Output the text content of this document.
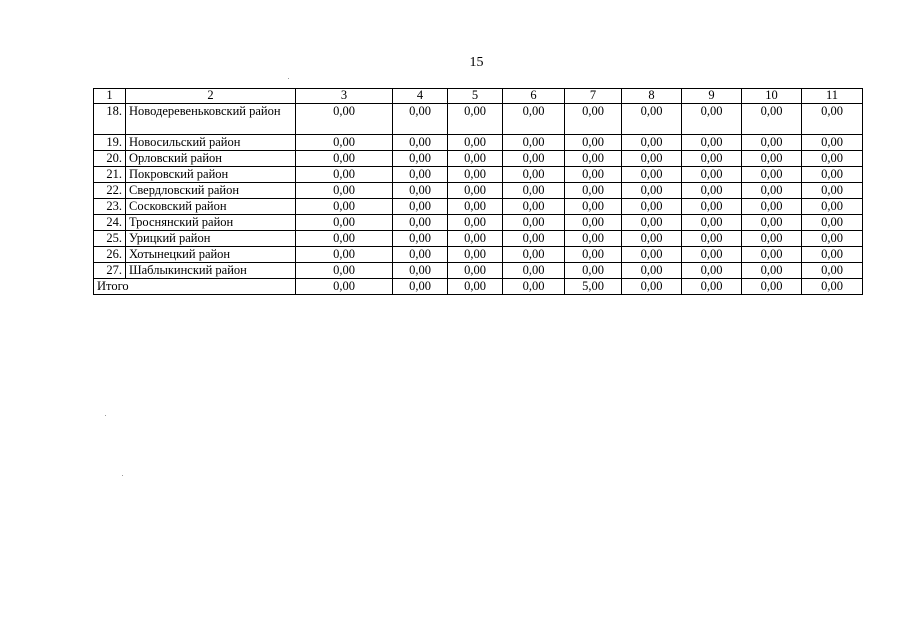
15
1	2	3	4	5	6	7	8	9	10	11
18.	Новодеревеньковский район	0,00	0,00	0,00	0,00	0,00	0,00	0,00	0,00	0,00
19.	Новосильский район	0,00	0,00	0,00	0,00	0,00	0,00	0,00	0,00	0,00
20.	Орловский район	0,00	0,00	0,00	0,00	0,00	0,00	0,00	0,00	0,00
21.	Покровский район	0,00	0,00	0,00	0,00	0,00	0,00	0,00	0,00	0,00
22.	Свердловский район	0,00	0,00	0,00	0,00	0,00	0,00	0,00	0,00	0,00
23.	Сосковский район	0,00	0,00	0,00	0,00	0,00	0,00	0,00	0,00	0,00
24.	Троснянский район	0,00	0,00	0,00	0,00	0,00	0,00	0,00	0,00	0,00
25.	Урицкий район	0,00	0,00	0,00	0,00	0,00	0,00	0,00	0,00	0,00
26.	Хотынецкий район	0,00	0,00	0,00	0,00	0,00	0,00	0,00	0,00	0,00
27.	Шаблыкинский район	0,00	0,00	0,00	0,00	0,00	0,00	0,00	0,00	0,00
Итого		0,00	0,00	0,00	0,00	5,00	0,00	0,00	0,00	0,00
